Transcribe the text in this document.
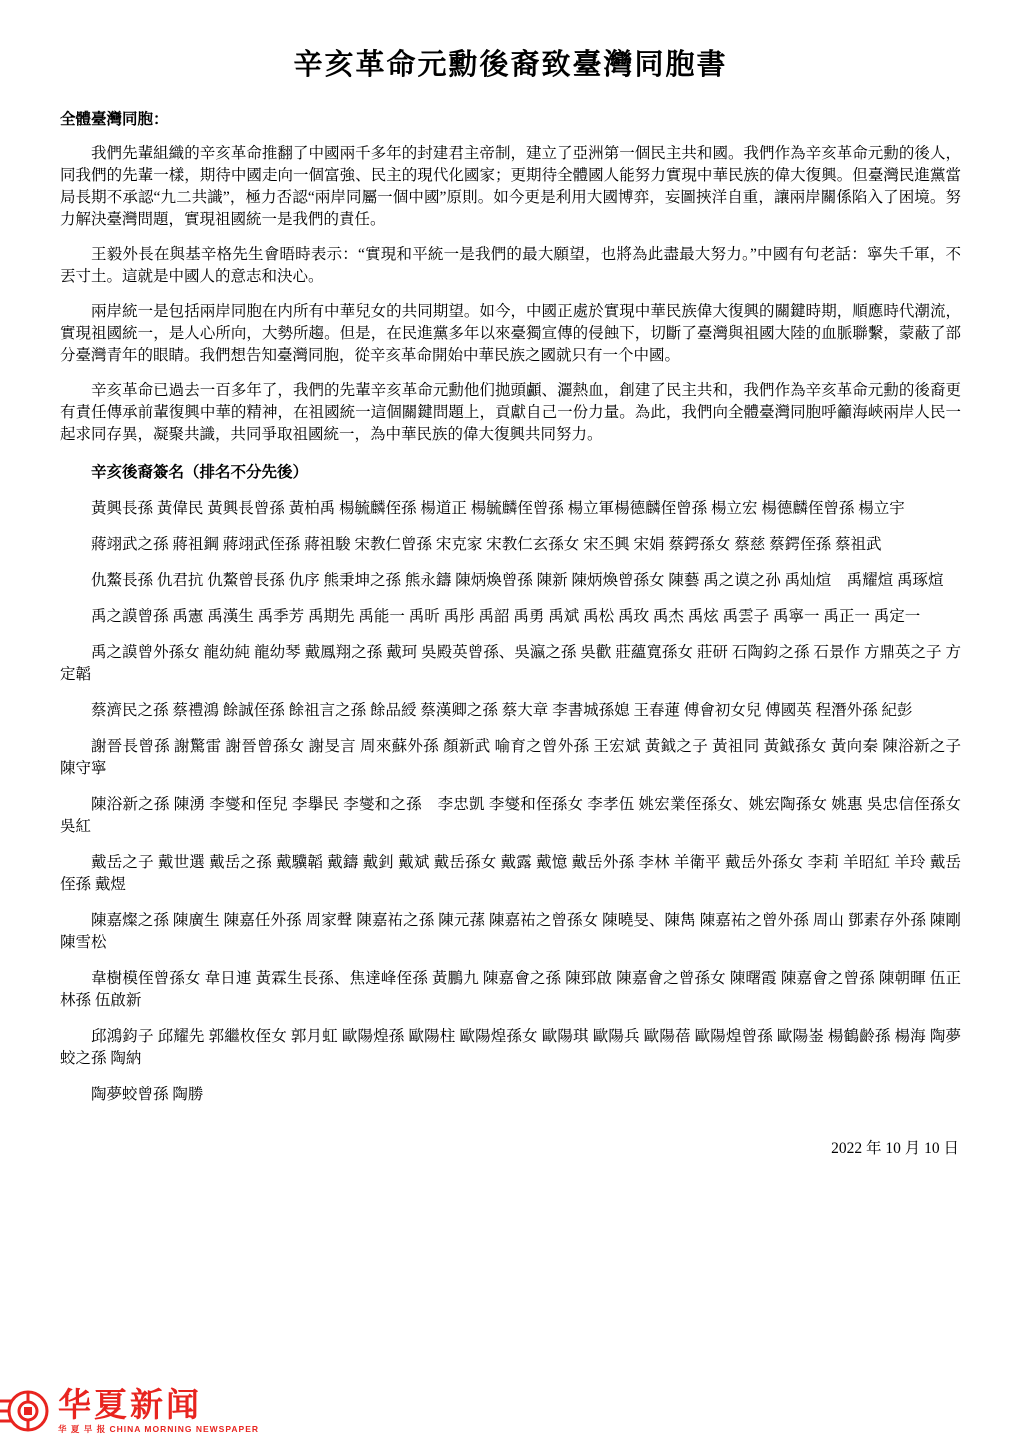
辛亥革命元勳後裔致臺灣同胞書

全體臺灣同胞：

我們先輩組織的辛亥革命推翻了中國兩千多年的封建君主帝制，建立了亞洲第一個民主共和國。我們作為辛亥革命元勳的後人，同我們的先輩一樣，期待中國走向一個富強、民主的現代化國家；更期待全體國人能努力實現中華民族的偉大復興。但臺灣民進黨當局長期不承認“九二共識”，極力否認“兩岸同屬一個中國”原則。如今更是利用大國博弈，妄圖挾洋自重，讓兩岸關係陷入了困境。努力解決臺灣問題，實現祖國統一是我們的責任。

王毅外長在與基辛格先生會晤時表示：“實現和平統一是我們的最大願望，也將為此盡最大努力。”中國有句老話：寧失千軍，不丟寸土。這就是中國人的意志和決心。

兩岸統一是包括兩岸同胞在内所有中華兒女的共同期望。如今，中國正處於實現中華民族偉大復興的關鍵時期，順應時代潮流，實現祖國統一，是人心所向，大勢所趨。但是，在民進黨多年以來臺獨宣傳的侵蝕下，切斷了臺灣與祖國大陸的血脈聯繫，蒙蔽了部分臺灣青年的眼睛。我們想告知臺灣同胞，從辛亥革命開始中華民族之國就只有一个中國。

辛亥革命已過去一百多年了，我們的先輩辛亥革命元勳他们拋頭顱、灑熱血，創建了民主共和，我們作為辛亥革命元勳的後裔更有責任傳承前輩復興中華的精神，在祖國統一這個關鍵問題上，貢獻自己一份力量。為此，我們向全體臺灣同胞呼籲海峽兩岸人民一起求同存異，凝聚共識，共同爭取祖國統一，為中華民族的偉大復興共同努力。

辛亥後裔簽名（排名不分先後）

黃興長孫 黃偉民 黃興長曾孫 黃柏禹 楊毓麟侄孫 楊道正 楊毓麟侄曾孫 楊立軍楊德麟侄曾孫 楊立宏 楊德麟侄曾孫 楊立宇

蔣翊武之孫 蔣祖鋼 蔣翊武侄孫 蔣祖駿 宋教仁曾孫 宋克家 宋教仁玄孫女 宋丕興 宋娟 蔡鍔孫女 蔡慈 蔡鍔侄孫 蔡祖武

仇鰲長孫 仇君抗 仇鰲曾長孫 仇序 熊秉坤之孫 熊永鑄 陳炳煥曾孫 陳新 陳炳煥曾孫女 陳藝 禹之谟之孙 禹灿煊　禹耀煊 禹琢煊

禹之謨曾孫 禹憲 禹漢生 禹季芳 禹期先 禹能一 禹昕 禹彤 禹韶 禹勇 禹斌 禹松 禹玫 禹杰 禹炫 禹雲子 禹寧一 禹正一 禹定一

禹之謨曾外孫女 龍幼純 龍幼琴 戴鳳翔之孫 戴珂 吳殿英曾孫、吳瀛之孫 吳歡 莊蘊寬孫女 莊研 石陶鈞之孫 石景作 方鼎英之子 方定韜

蔡濟民之孫 蔡禮鴻 餘誠侄孫 餘祖言之孫 餘品綬 蔡漢卿之孫 蔡大章 李書城孫媳 王春蓮 傅會初女兒 傅國英 程潛外孫 紀彭

謝晉長曾孫 謝驚雷 謝晉曾孫女 謝旻言 周來蘇外孫 顏新武 喻育之曾外孫 王宏斌 黃鉞之子 黃祖同 黃鉞孫女 黃向秦 陳浴新之子 陳守寧

陳浴新之孫 陳湧 李燮和侄兒 李擧民 李燮和之孫　李忠凱 李燮和侄孫女 李孝伍 姚宏業侄孫女、姚宏陶孫女 姚惠 吳忠信侄孫女 吳紅

戴岳之子 戴世選 戴岳之孫 戴驥韜 戴鑄 戴釗 戴斌 戴岳孫女 戴露 戴憶 戴岳外孫 李林 羊衛平 戴岳外孫女 李莉 羊昭紅 羊玲 戴岳侄孫 戴煜

陳嘉燦之孫 陳廣生 陳嘉任外孫 周家聲 陳嘉祐之孫 陳元蓀 陳嘉祐之曾孫女 陳曉旻、陳雋 陳嘉祐之曾外孫 周山 鄧素存外孫 陳剛 陳雪松

韋樹模侄曾孫女 韋日連 黃霖生長孫、焦達峰侄孫 黃鵬九 陳嘉會之孫 陳郅啟 陳嘉會之曾孫女 陳曙霞 陳嘉會之曾孫 陳朝暉 伍正林孫 伍啟新

邱鴻鈞子 邱耀先 郭繼枚侄女 郭月虹 歐陽煌孫 歐陽柱 歐陽煌孫女 歐陽琪 歐陽兵 歐陽蓓 歐陽煌曾孫 歐陽崟 楊鶴齡孫 楊海 陶夢蛟之孫 陶納

陶夢蛟曾孫 陶勝

2022 年 10 月 10 日

华夏新闻
华 夏 早 报 CHINA MORNING NEWSPAPER
